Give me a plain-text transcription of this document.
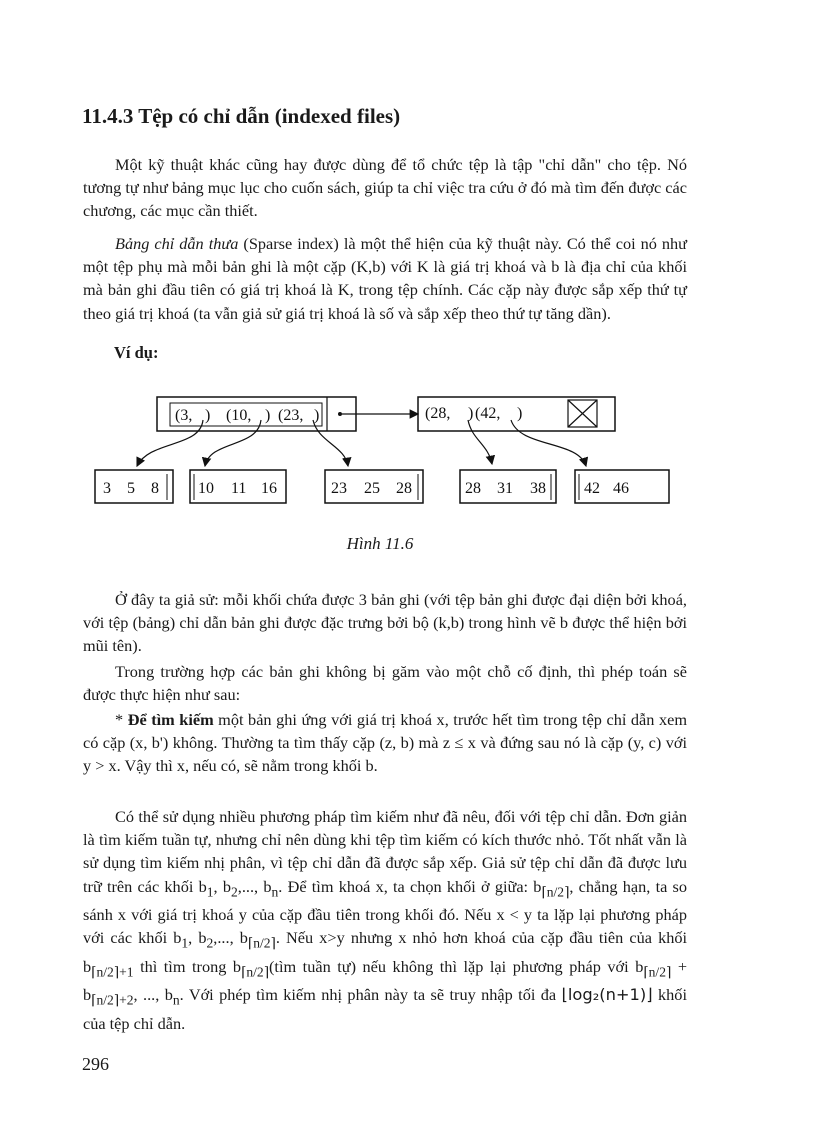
11.4.3 Tệp có chỉ dẫn (indexed files)
Một kỹ thuật khác cũng hay được dùng để tổ chức tệp là tập "chỉ dẫn" cho tệp. Nó tương tự như bảng mục lục cho cuốn sách, giúp ta chỉ việc tra cứu ở đó mà tìm đến được các chương, các mục cần thiết.
Bảng chỉ dẫn thưa (Sparse index) là một thể hiện của kỹ thuật này. Có thể coi nó như một tệp phụ mà mỗi bản ghi là một cặp (K,b) với K là giá trị khoá và b là địa chỉ của khối mà bản ghi đầu tiên có giá trị khoá là K, trong tệp chính. Các cặp này được sắp xếp thứ tự theo giá trị khoá (ta vẫn giả sử giá trị khoá là số và sắp xếp theo thứ tự tăng dần).
Ví dụ:
(3, ) (10, ) (23, )	(28, ) (42, )
3 5 8 10 11 16	23 25 28	28 31 38 42 46
Hình 11.6
Ở đây ta giả sử: mỗi khối chứa được 3 bản ghi (với tệp bản ghi được đại diện bởi khoá, với tệp (bảng) chỉ dẫn bản ghi được đặc trưng bởi bộ (k,b) trong hình vẽ b được thể hiện bởi mũi tên).
Trong trường hợp các bản ghi không bị găm vào một chỗ cố định, thì phép toán sẽ được thực hiện như sau:
* Để tìm kiếm một bản ghi ứng với giá trị khoá x, trước hết tìm trong tệp chỉ dẫn xem có cặp (x, b') không. Thường ta tìm thấy cặp (z, b) mà z ≤ x và đứng sau nó là cặp (y, c) với y > x. Vậy thì x, nếu có, sẽ nằm trong khối b.
Có thể sử dụng nhiều phương pháp tìm kiếm như đã nêu, đối với tệp chỉ dẫn. Đơn giản là tìm kiếm tuần tự, nhưng chỉ nên dùng khi tệp tìm kiếm có kích thước nhỏ. Tốt nhất vẫn là sử dụng tìm kiếm nhị phân, vì tệp chỉ dẫn đã được sắp xếp. Giả sử tệp chỉ dẫn đã được lưu trữ trên các khối $b_1$, $b_2$,..., $b_n$. Để tìm khoá x, ta chọn khối ở giữa: $b_{⌈n/2⌉}$, chẳng hạn, ta so sánh x với giá trị khoá y của cặp đầu tiên trong khối đó. Nếu x < y ta lặp lại phương pháp với các khối $b_1$, $b_2$,..., $b_{⌈n/2⌉}$. Nếu x>y nhưng x nhỏ hơn khoá của cặp đầu tiên của khối $b_{⌈n/2⌉+1}$ thì tìm trong $b_{⌈n/2⌉}(tìm$ tuần tự) nếu không thì lặp lại phương pháp với $b_{⌈n/2⌉} + b_{⌈n/2⌉+2}$, ..., $b_n$. Với phép tìm kiếm nhị phân này ta sẽ truy nhập tối đa ⌊log₂(n+1)⌋ khối của tệp chỉ dẫn.
296
